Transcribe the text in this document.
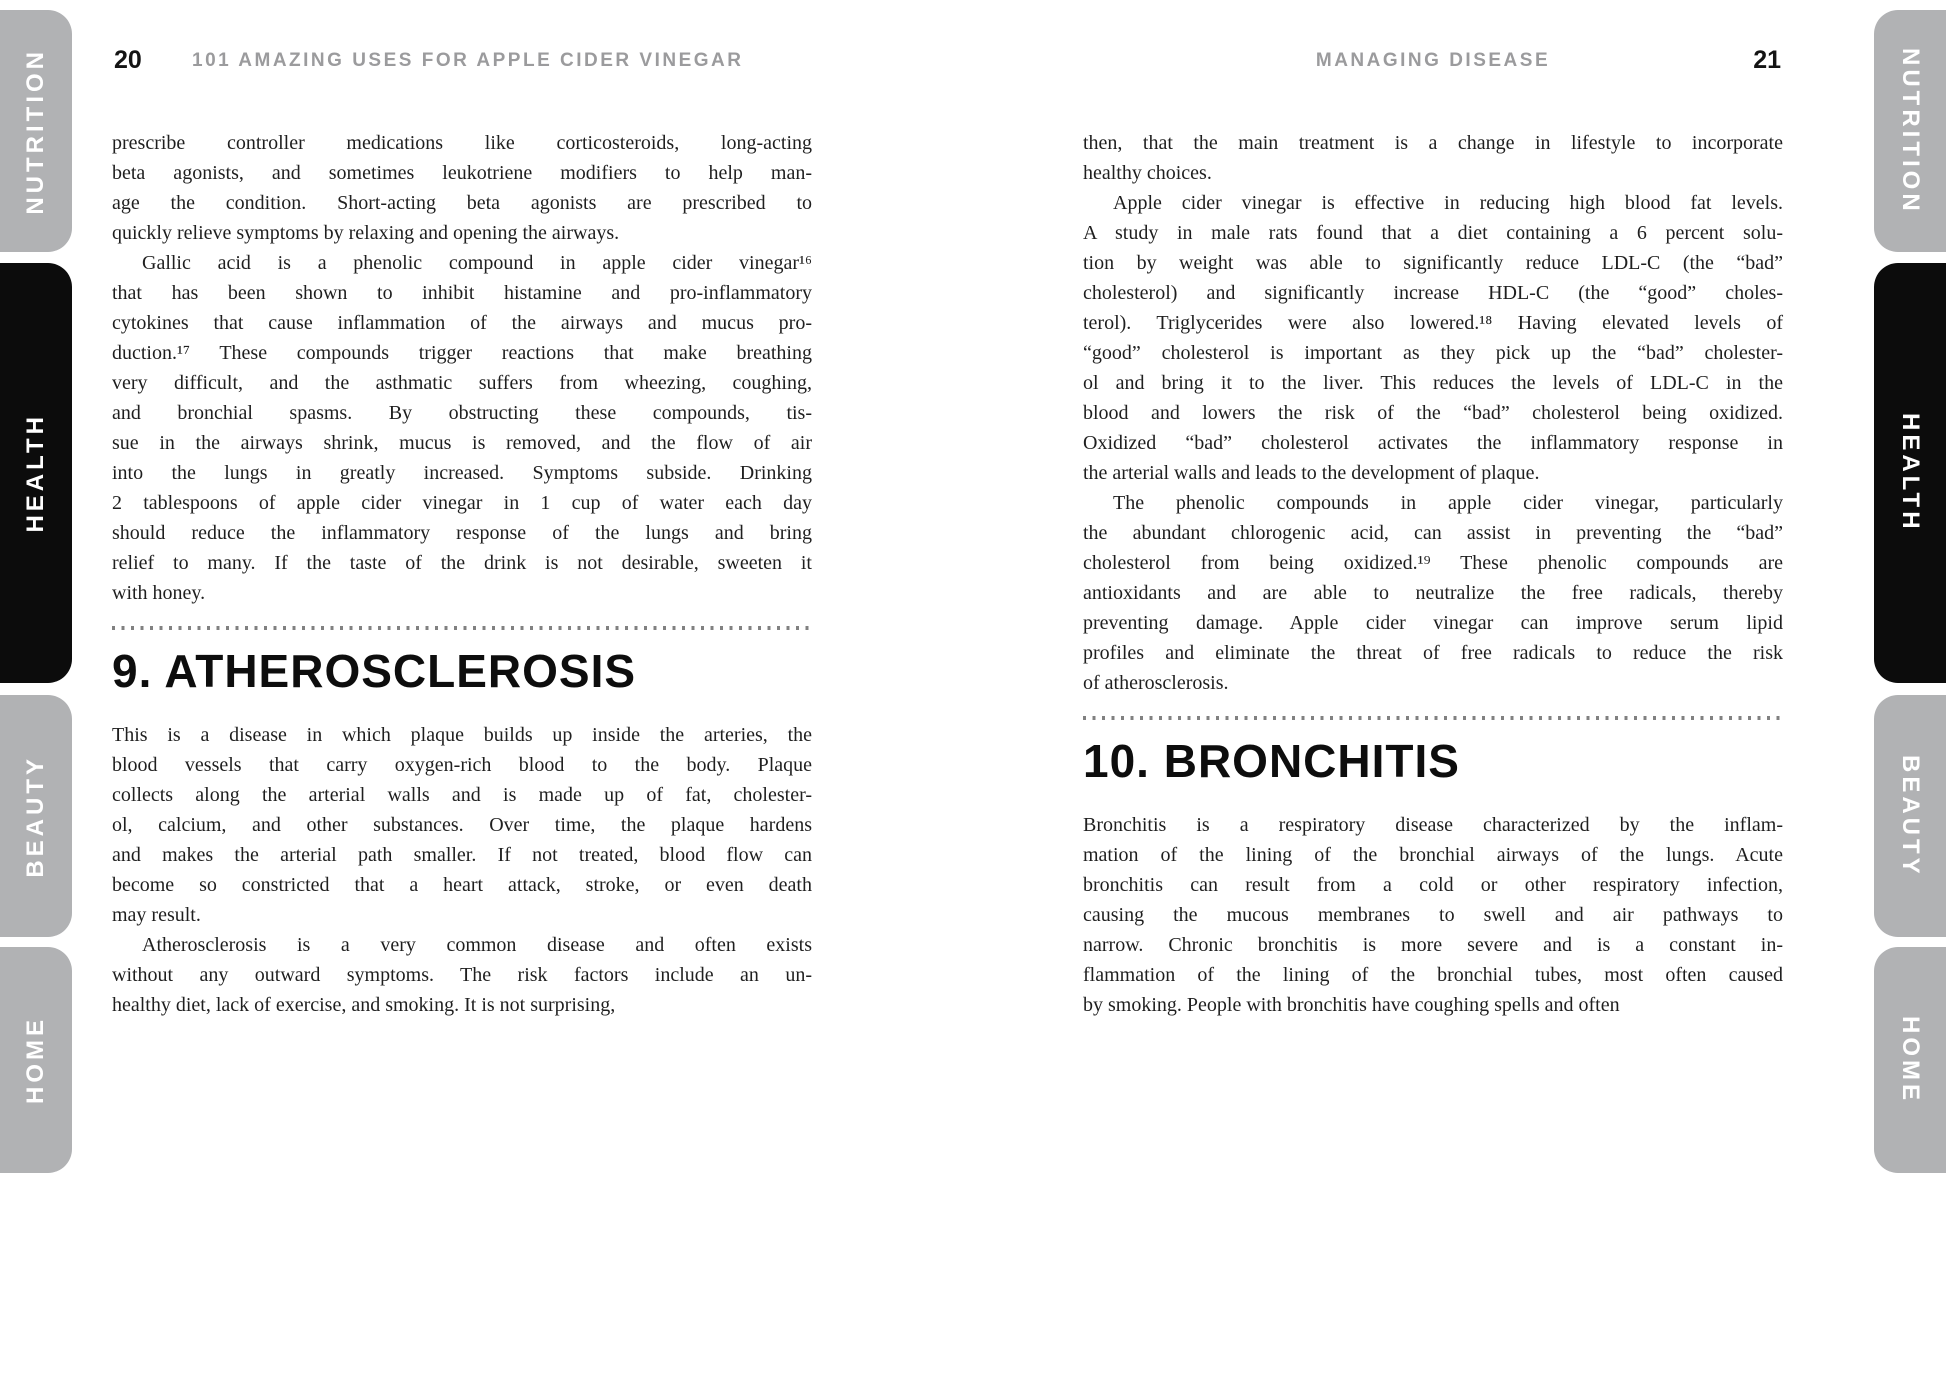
NUTRITION
HEALTH
BEAUTY
HOME
20	101 AMAZING USES FOR APPLE CIDER VINEGAR
prescribe controller medications like corticosteroids, long-acting
beta agonists, and sometimes leukotriene modifiers to help man-
age the condition. Short-acting beta agonists are prescribed to
quickly relieve symptoms by relaxing and opening the airways.
Gallic acid is a phenolic compound in apple cider vinegar¹⁶
that has been shown to inhibit histamine and pro-inflammatory
cytokines that cause inflammation of the airways and mucus pro-
duction.¹⁷ These compounds trigger reactions that make breathing
very difficult, and the asthmatic suffers from wheezing, coughing,
and bronchial spasms. By obstructing these compounds, tis-
sue in the airways shrink, mucus is removed, and the flow of air
into the lungs in greatly increased. Symptoms subside. Drinking
2 tablespoons of apple cider vinegar in 1 cup of water each day
should reduce the inflammatory response of the lungs and bring
relief to many. If the taste of the drink is not desirable, sweeten it
with honey.
9. ATHEROSCLEROSIS
This is a disease in which plaque builds up inside the arteries, the
blood vessels that carry oxygen-rich blood to the body. Plaque
collects along the arterial walls and is made up of fat, cholester-
ol, calcium, and other substances. Over time, the plaque hardens
and makes the arterial path smaller. If not treated, blood flow can
become so constricted that a heart attack, stroke, or even death
may result.
Atherosclerosis is a very common disease and often exists
without any outward symptoms. The risk factors include an un-
healthy diet, lack of exercise, and smoking. It is not surprising,
MANAGING DISEASE	21
then, that the main treatment is a change in lifestyle to incorporate
healthy choices.
Apple cider vinegar is effective in reducing high blood fat levels.
A study in male rats found that a diet containing a 6 percent solu-
tion by weight was able to significantly reduce LDL-C (the “bad”
cholesterol) and significantly increase HDL-C (the “good” choles-
terol). Triglycerides were also lowered.¹⁸ Having elevated levels of
“good” cholesterol is important as they pick up the “bad” cholester-
ol and bring it to the liver. This reduces the levels of LDL-C in the
blood and lowers the risk of the “bad” cholesterol being oxidized.
Oxidized “bad” cholesterol activates the inflammatory response in
the arterial walls and leads to the development of plaque.
The phenolic compounds in apple cider vinegar, particularly
the abundant chlorogenic acid, can assist in preventing the “bad”
cholesterol from being oxidized.¹⁹ These phenolic compounds are
antioxidants and are able to neutralize the free radicals, thereby
preventing damage. Apple cider vinegar can improve serum lipid
profiles and eliminate the threat of free radicals to reduce the risk
of atherosclerosis.
10. BRONCHITIS
Bronchitis is a respiratory disease characterized by the inflam-
mation of the lining of the bronchial airways of the lungs. Acute
bronchitis can result from a cold or other respiratory infection,
causing the mucous membranes to swell and air pathways to
narrow. Chronic bronchitis is more severe and is a constant in-
flammation of the lining of the bronchial tubes, most often caused
by smoking. People with bronchitis have coughing spells and often
NUTRITION
HEALTH
BEAUTY
HOME
